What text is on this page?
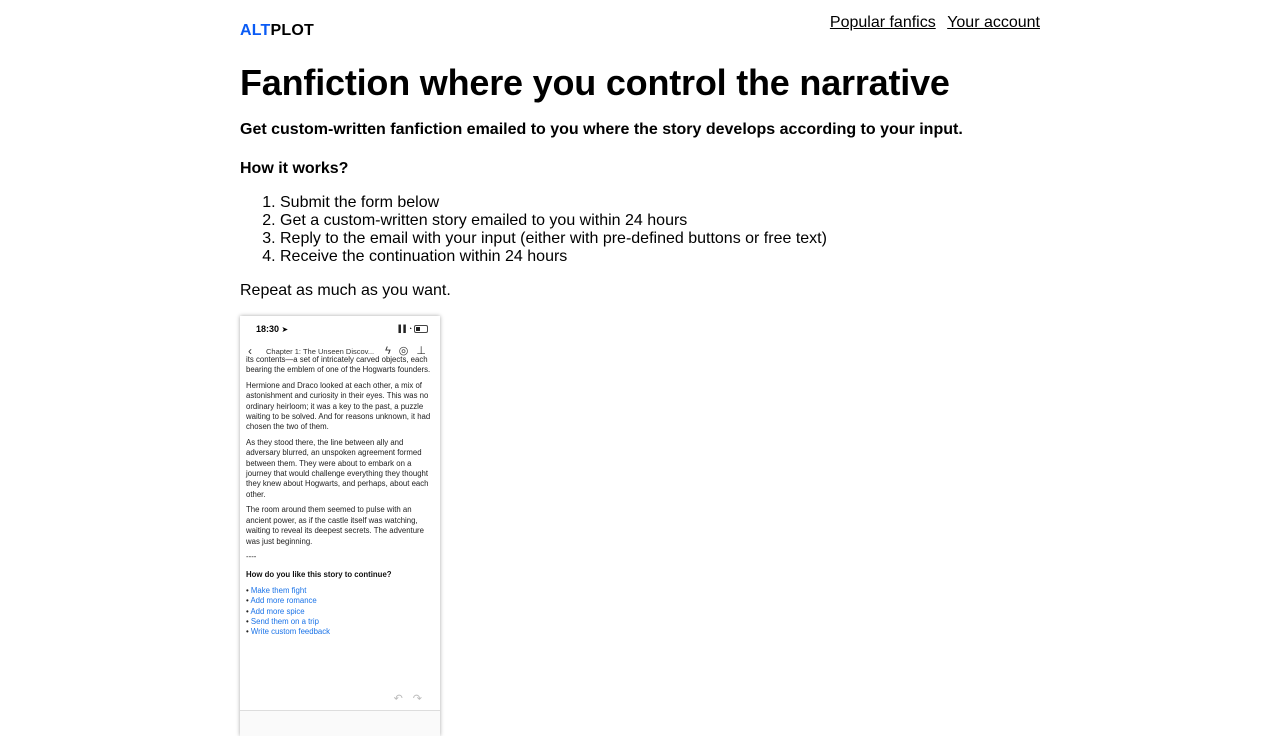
ALTPLOT	Popular fanfics Your account
Fanfiction where you control the narrative

Get custom-written fanfiction emailed to you where the story develops according to your input.

How it works?

1. Submit the form below
2. Get a custom-written story emailed to you within 24 hours
3. Reply to the email with your input (either with pre-defined buttons or free text)
4. Receive the continuation within 24 hours

Repeat as much as you want.

18:30 ➤	▐▐ ◔
‹ Chapter 1: The Unseen Discov... ϟ◎⊥

its contents—a set of intricately carved objects, each bearing the emblem of one of the Hogwarts founders.

Hermione and Draco looked at each other, a mix of astonishment and curiosity in their eyes. This was no ordinary heirloom; it was a key to the past, a puzzle waiting to be solved. And for reasons unknown, it had chosen the two of them.

As they stood there, the line between ally and adversary blurred, an unspoken agreement formed between them. They were about to embark on a journey that would challenge everything they thought they knew about Hogwarts, and perhaps, about each other.

The room around them seemed to pulse with an ancient power, as if the castle itself was watching, waiting to reveal its deepest secrets. The adventure was just beginning.

----

How do you like this story to continue?

• Make them fight
• Add more romance
• Add more spice
• Send them on a trip
• Write custom feedback
↶↷
